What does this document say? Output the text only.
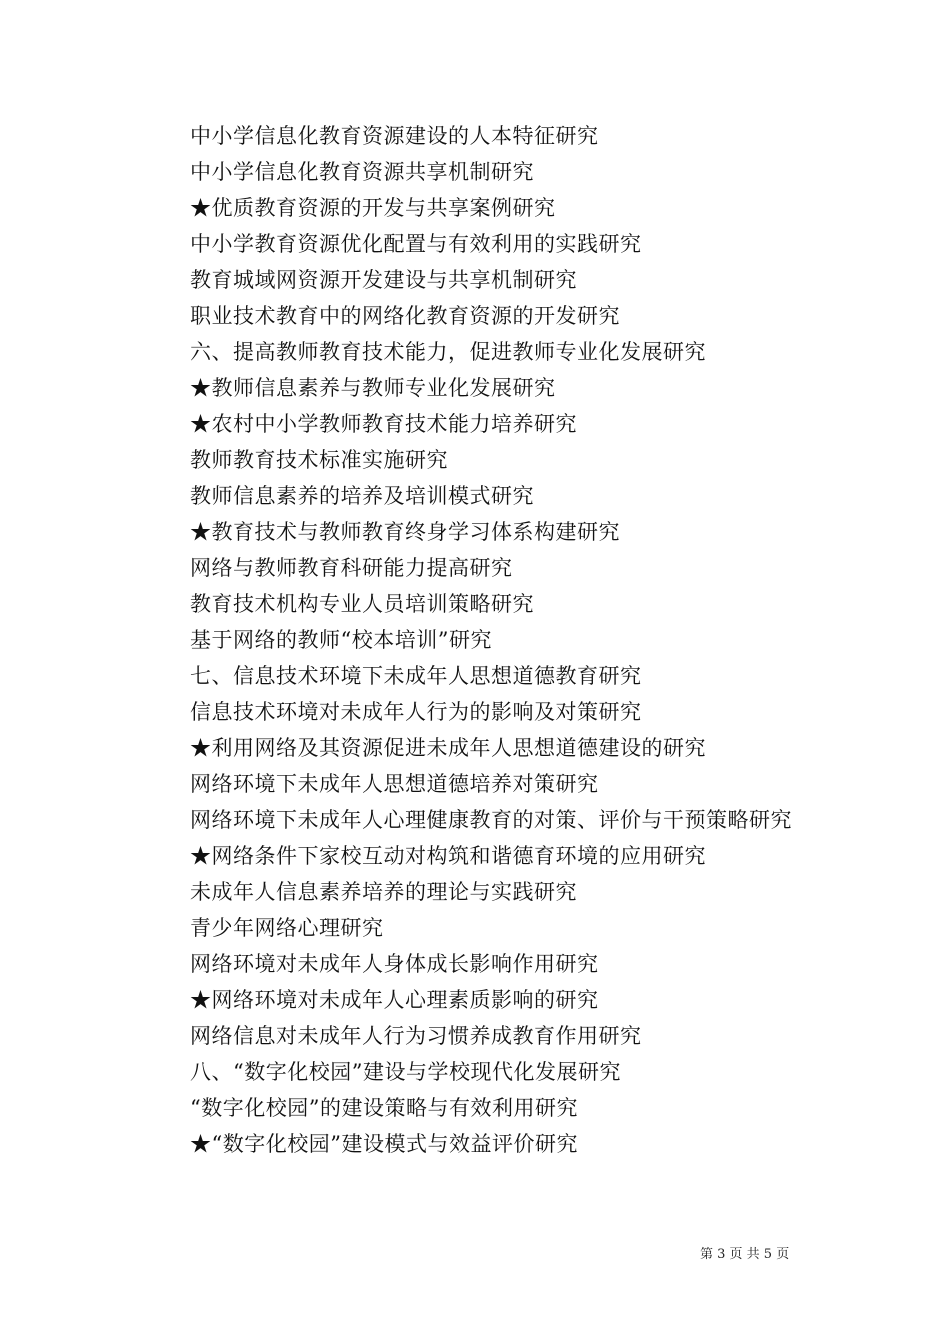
中小学信息化教育资源建设的人本特征研究
中小学信息化教育资源共享机制研究
★优质教育资源的开发与共享案例研究
中小学教育资源优化配置与有效利用的实践研究
教育城域网资源开发建设与共享机制研究
职业技术教育中的网络化教育资源的开发研究
六、提高教师教育技术能力，促进教师专业化发展研究
★教师信息素养与教师专业化发展研究
★农村中小学教师教育技术能力培养研究
教师教育技术标准实施研究
教师信息素养的培养及培训模式研究
★教育技术与教师教育终身学习体系构建研究
网络与教师教育科研能力提高研究
教育技术机构专业人员培训策略研究
基于网络的教师“校本培训”研究
七、信息技术环境下未成年人思想道德教育研究
信息技术环境对未成年人行为的影响及对策研究
★利用网络及其资源促进未成年人思想道德建设的研究
网络环境下未成年人思想道德培养对策研究
网络环境下未成年人心理健康教育的对策、评价与干预策略研究
★网络条件下家校互动对构筑和谐德育环境的应用研究
未成年人信息素养培养的理论与实践研究
青少年网络心理研究
网络环境对未成年人身体成长影响作用研究
★网络环境对未成年人心理素质影响的研究
网络信息对未成年人行为习惯养成教育作用研究
八、“数字化校园”建设与学校现代化发展研究
“数字化校园”的建设策略与有效利用研究
★“数字化校园”建设模式与效益评价研究
第 3 页 共 5 页
